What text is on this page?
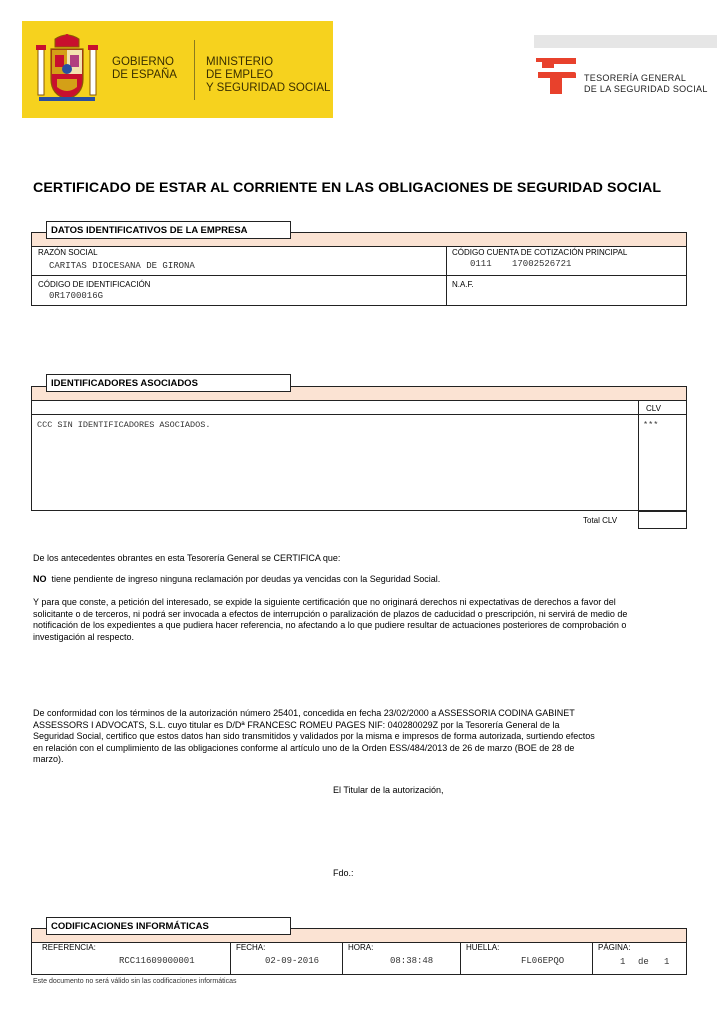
GOBIERNO
DE ESPAÑA
MINISTERIO
DE EMPLEO
Y SEGURIDAD SOCIAL
TESORERÍA GENERAL
DE LA SEGURIDAD SOCIAL
CERTIFICADO DE ESTAR AL CORRIENTE EN LAS OBLIGACIONES DE SEGURIDAD SOCIAL
DATOS IDENTIFICATIVOS DE LA EMPRESA
RAZÓN SOCIAL
CARITAS DIOCESANA DE GIRONA
CÓDIGO CUENTA DE COTIZACIÓN PRINCIPAL
0111 17002526721
CÓDIGO DE IDENTIFICACIÓN
0R1700016G
N.A.F.
IDENTIFICADORES ASOCIADOS
CLV
CCC SIN IDENTIFICADORES ASOCIADOS.	***
Total CLV
De los antecedentes obrantes en esta Tesorería General se CERTIFICA que:
NO tiene pendiente de ingreso ninguna reclamación por deudas ya vencidas con la Seguridad Social.
Y para que conste, a petición del interesado, se expide la siguiente certificación que no originará derechos ni expectativas de derechos a favor del
solicitante o de terceros, ni podrá ser invocada a efectos de interrupción o paralización de plazos de caducidad o prescripción, ni servirá de medio de
notificación de los expedientes a que pudiera hacer referencia, no afectando a lo que pudiere resultar de actuaciones posteriores de comprobación o
investigación al respecto.
De conformidad con los términos de la autorización número 25401, concedida en fecha 23/02/2000 a ASSESSORIA CODINA GABINET
ASSESSORS I ADVOCATS, S.L. cuyo titular es D/Dª FRANCESC ROMEU PAGES NIF: 040280029Z por la Tesorería General de la
Seguridad Social, certifico que estos datos han sido transmitidos y validados por la misma e impresos de forma autorizada, surtiendo efectos
en relación con el cumplimiento de las obligaciones conforme al artículo uno de la Orden ESS/484/2013 de 26 de marzo (BOE de 28 de
marzo).
El Titular de la autorización,
Fdo.:
CODIFICACIONES INFORMÁTICAS
REFERENCIA:
RCC11609000001
FECHA:
02-09-2016
HORA:
08:38:48
HUELLA:
FL06EPQO
PÁGINA:
1 de 1
Este documento no será válido sin las codificaciones informáticas
